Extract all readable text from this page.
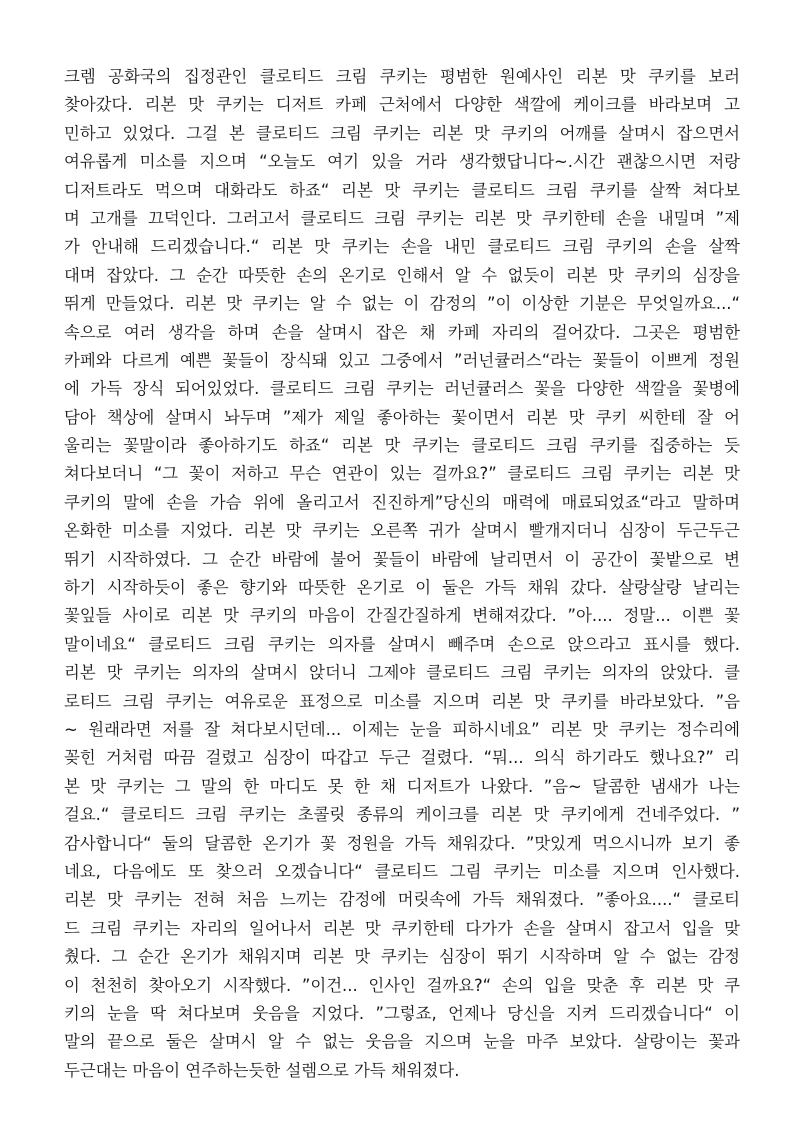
크렘 공화국의 집정관인 클로티드 크림 쿠키는 평범한 원예사인 리본 맛 쿠키를 보러
찾아갔다. 리본 맛 쿠키는 디저트 카페 근처에서 다양한 색깔에 케이크를 바라보며 고
민하고 있었다. 그걸 본 클로티드 크림 쿠키는 리본 맛 쿠키의 어깨를 살며시 잡으면서
여유롭게 미소를 지으며 “오늘도 여기 있을 거라 생각했답니다~.시간 괜찮으시면 저랑
디저트라도 먹으며 대화라도 하죠“ 리본 맛 쿠키는 클로티드 크림 쿠키를 살짝 쳐다보
며 고개를 끄덕인다. 그러고서 클로티드 크림 쿠키는 리본 맛 쿠키한테 손을 내밀며 ”제
가 안내해 드리겠습니다.“ 리본 맛 쿠키는 손을 내민 클로티드 크림 쿠키의 손을 살짝
대며 잡았다. 그 순간 따뜻한 손의 온기로 인해서 알 수 없듯이 리본 맛 쿠키의 심장을
뛰게 만들었다. 리본 맛 쿠키는 알 수 없는 이 감정의 ”이 이상한 기분은 무엇일까요...“
속으로 여러 생각을 하며 손을 살며시 잡은 채 카페 자리의 걸어갔다. 그곳은 평범한
카페와 다르게 예쁜 꽃들이 장식돼 있고 그중에서 ”러넌큘러스“라는 꽃들이 이쁘게 정원
에 가득 장식 되어있었다. 클로티드 크림 쿠키는 러넌큘러스 꽃을 다양한 색깔을 꽃병에
담아 책상에 살며시 놔두며 ”제가 제일 좋아하는 꽃이면서 리본 맛 쿠키 씨한테 잘 어
울리는 꽃말이라 좋아하기도 하죠“ 리본 맛 쿠키는 클로티드 크림 쿠키를 집중하는 듯
쳐다보더니 “그 꽃이 저하고 무슨 연관이 있는 걸까요?” 클로티드 크림 쿠키는 리본 맛
쿠키의 말에 손을 가슴 위에 올리고서 진진하게”당신의 매력에 매료되었죠“라고 말하며
온화한 미소를 지었다. 리본 맛 쿠키는 오른쪽 귀가 살며시 빨개지더니 심장이 두근두근
뛰기 시작하였다. 그 순간 바람에 불어 꽃들이 바람에 날리면서 이 공간이 꽃밭으로 변
하기 시작하듯이 좋은 향기와 따뜻한 온기로 이 둘은 가득 채워 갔다. 살랑살랑 날리는
꽃잎들 사이로 리본 맛 쿠키의 마음이 간질간질하게 변해져갔다. ”아.... 정말... 이쁜 꽃
말이네요“ 클로티드 크림 쿠키는 의자를 살며시 빼주며 손으로 앉으라고 표시를 했다.
리본 맛 쿠키는 의자의 살며시 앉더니 그제야 클로티드 크림 쿠키는 의자의 앉았다. 클
로티드 크림 쿠키는 여유로운 표정으로 미소를 지으며 리본 맛 쿠키를 바라보았다. ”음
~ 원래라면 저를 잘 쳐다보시던데... 이제는 눈을 피하시네요” 리본 맛 쿠키는 정수리에
꽂힌 거처럼 따끔 걸렸고 심장이 따갑고 두근 걸렸다. “뭐... 의식 하기라도 했나요?” 리
본 맛 쿠키는 그 말의 한 마디도 못 한 채 디저트가 나왔다. ”음~ 달콤한 냄새가 나는
걸요.“ 클로티드 크림 쿠키는 초콜릿 종류의 케이크를 리본 맛 쿠키에게 건네주었다. ”
감사합니다“ 둘의 달콤한 온기가 꽃 정원을 가득 채워갔다. ”맛있게 먹으시니까 보기 좋
네요, 다음에도 또 찾으러 오겠습니다“ 클로티드 그림 쿠키는 미소를 지으며 인사했다.
리본 맛 쿠키는 전혀 처음 느끼는 감정에 머릿속에 가득 채워졌다. ”좋아요....“ 클로티
드 크림 쿠키는 자리의 일어나서 리본 맛 쿠키한테 다가가 손을 살며시 잡고서 입을 맞
췄다. 그 순간 온기가 채워지며 리본 맛 쿠키는 심장이 뛰기 시작하며 알 수 없는 감정
이 천천히 찾아오기 시작했다. ”이건... 인사인 걸까요?“ 손의 입을 맞춘 후 리본 맛 쿠
키의 눈을 딱 쳐다보며 웃음을 지었다. ”그렇죠, 언제나 당신을 지켜 드리겠습니다“ 이
말의 끝으로 둘은 살며시 알 수 없는 웃음을 지으며 눈을 마주 보았다. 살랑이는 꽃과
두근대는 마음이 연주하는듯한 설렘으로 가득 채워졌다.
